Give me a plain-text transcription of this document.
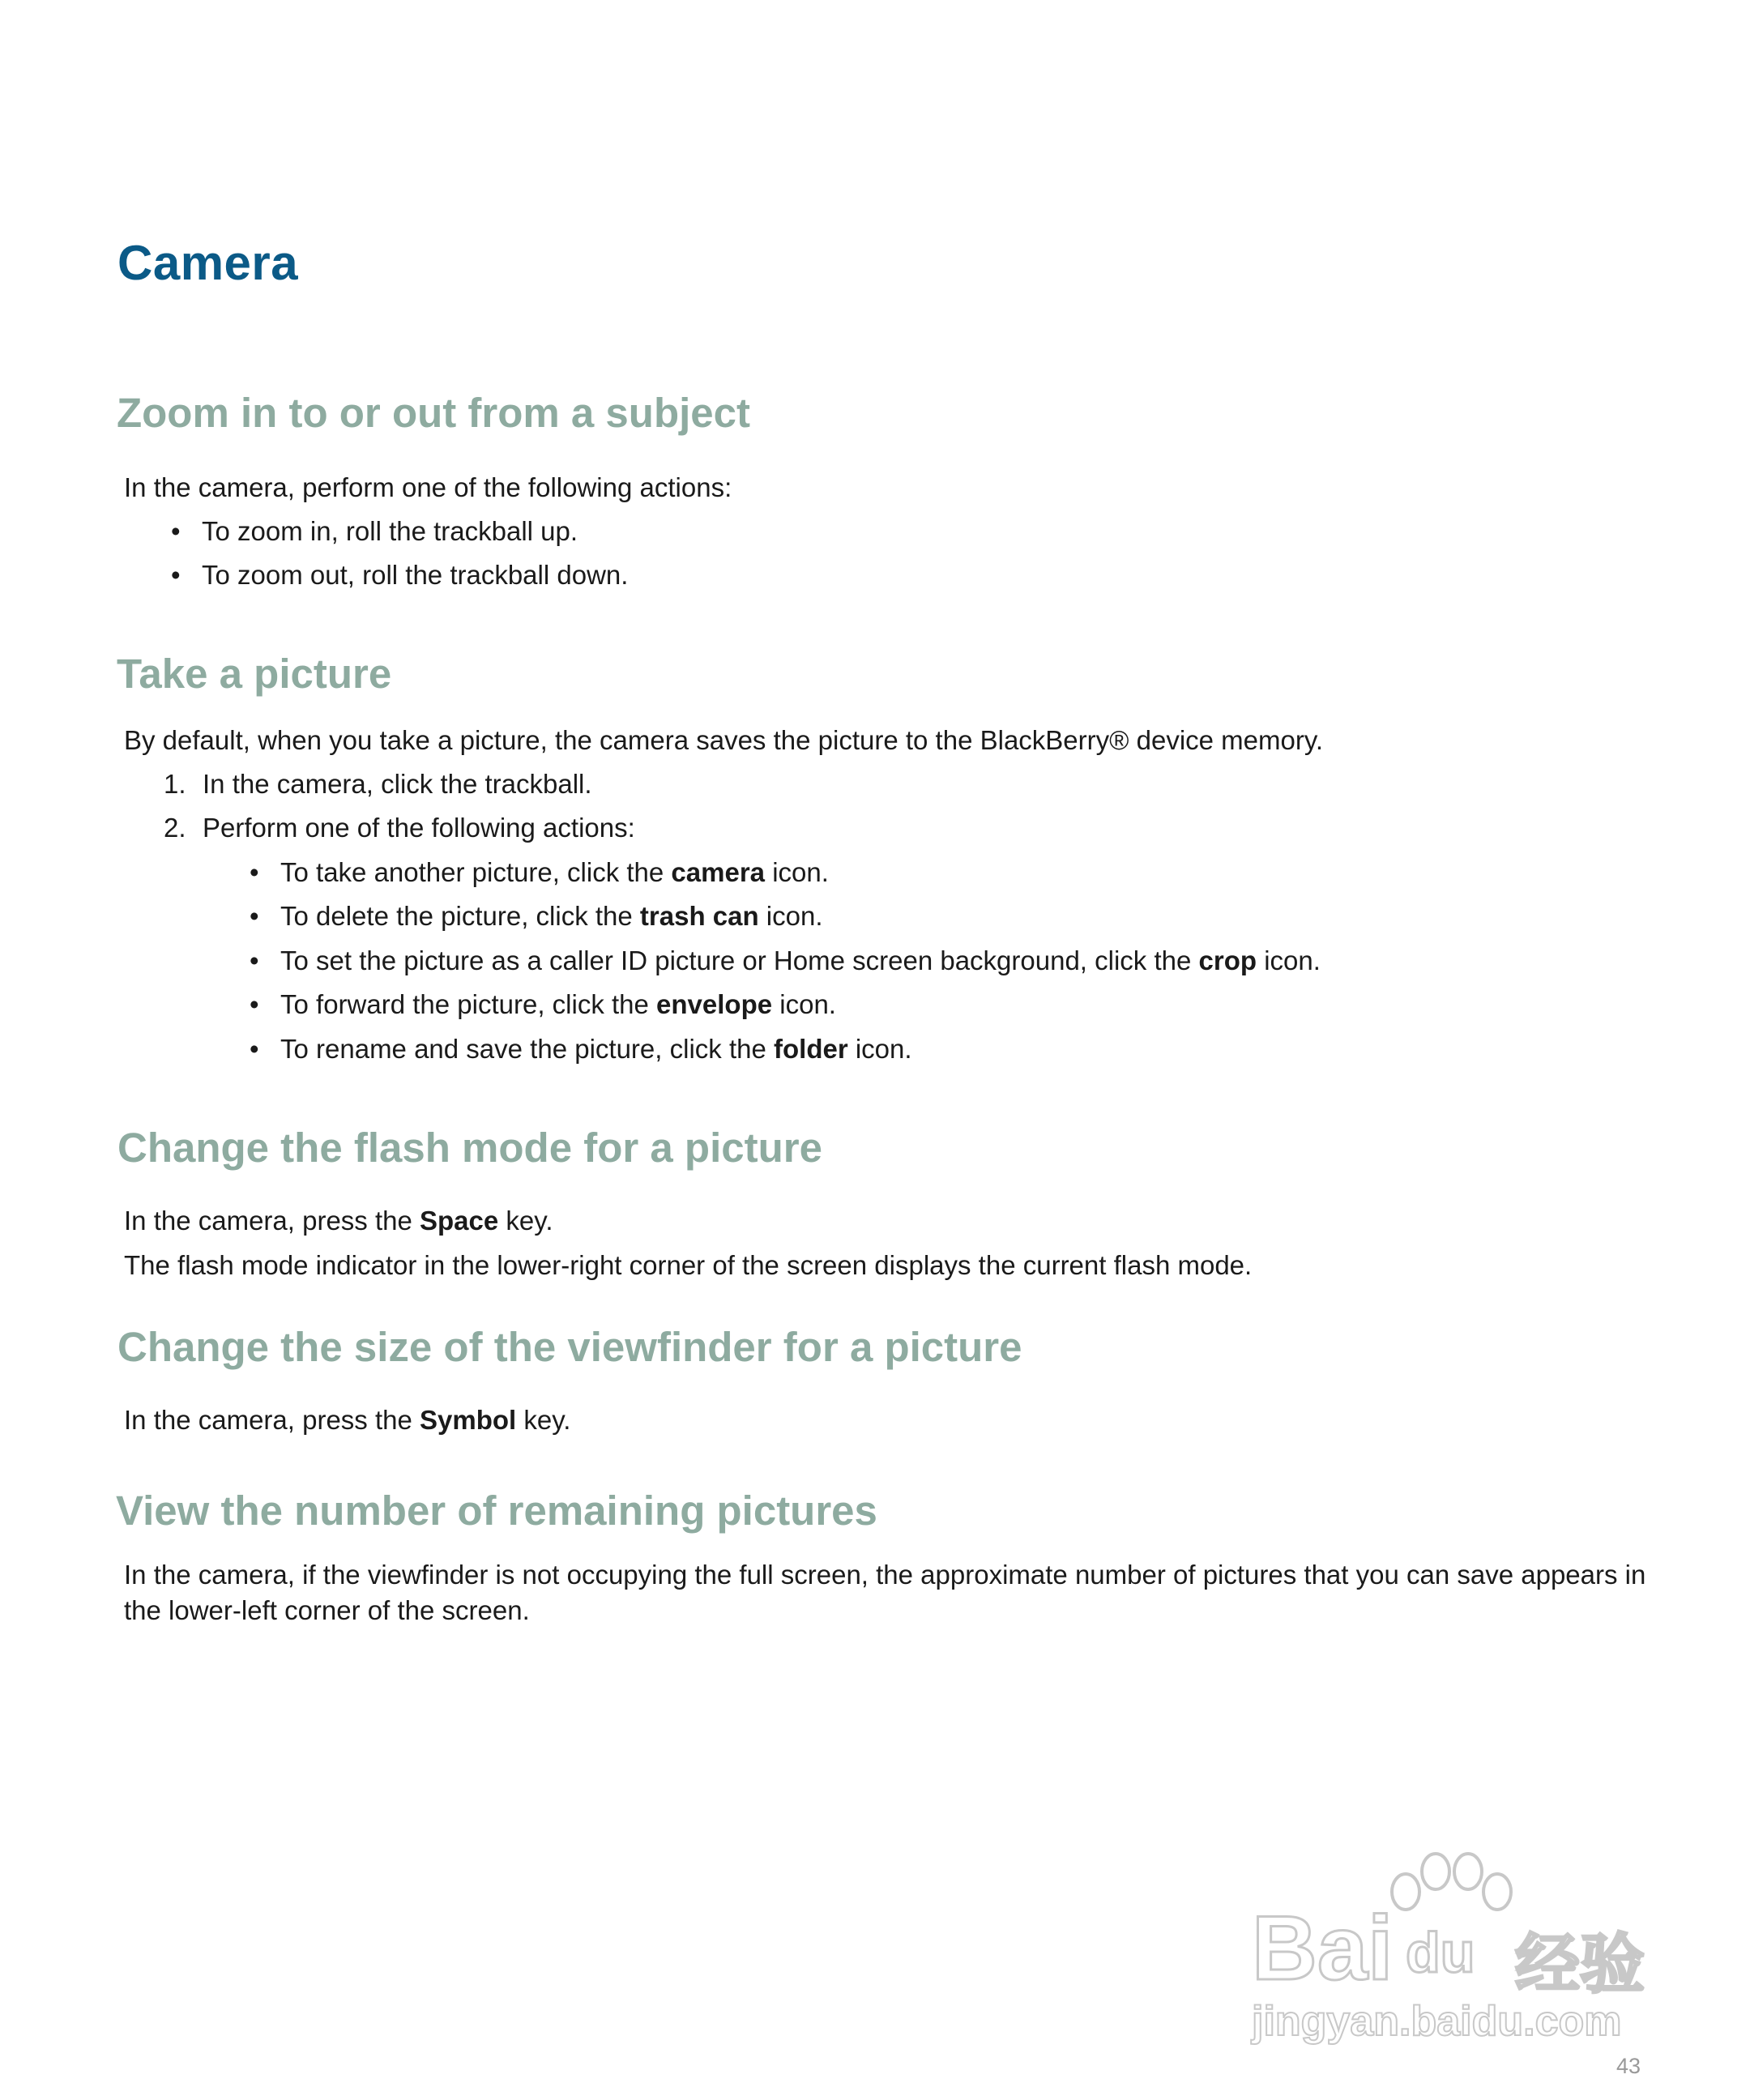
Camera
Zoom in to or out from a subject

In the camera, perform one of the following actions:

• To zoom in, roll the trackball up.
• To zoom out, roll the trackball down.
Take a picture

By default, when you take a picture, the camera saves the picture to the BlackBerry® device memory.

1. In the camera, click the trackball.
2. Perform one of the following actions:
• To take another picture, click the camera icon.
• To delete the picture, click the trash can icon.
• To set the picture as a caller ID picture or Home screen background, click the crop icon.
• To forward the picture, click the envelope icon.
• To rename and save the picture, click the folder icon.
Change the flash mode for a picture

In the camera, press the Space key.

The flash mode indicator in the lower-right corner of the screen displays the current flash mode.

Change the size of the viewfinder for a picture

In the camera, press the Symbol key.

View the number of remaining pictures

In the camera, if the viewfinder is not occupying the full screen, the approximate number of pictures that you can save appears in the lower-left corner of the screen.

Bai du 经验
jingyan.baidu.com
43
